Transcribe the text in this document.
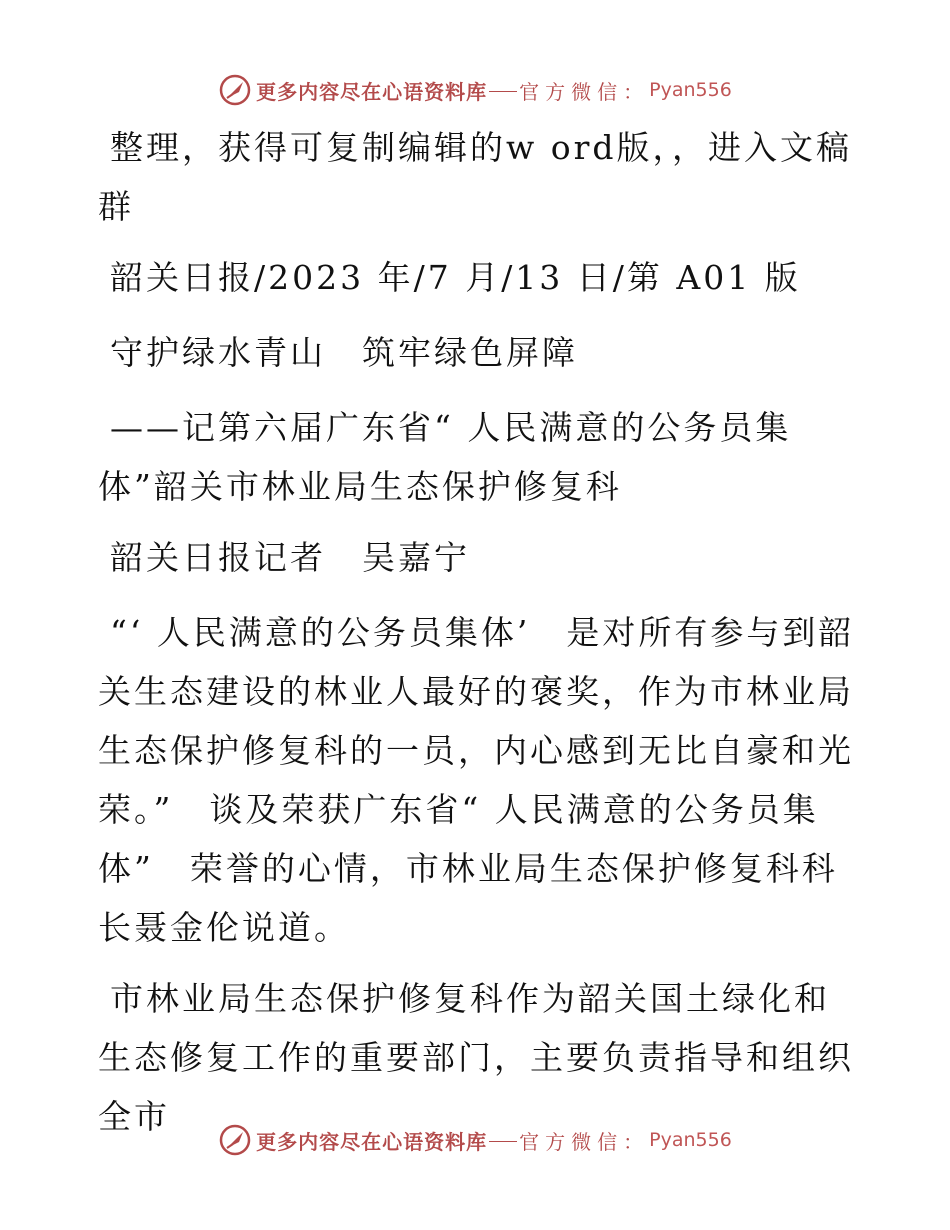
更多内容尽在心语资料库 官方微信： Pyan556

整理，获得可复制编辑的w ord版，，进入文稿群

韶关日报/2023 年/7 月/13 日/第 A01 版

守护绿水青山　筑牢绿色屏障

——记第六届广东省“ 人民满意的公务员集体”韶关市林业局生态保护修复科

韶关日报记者　吴嘉宁

“‘ 人民满意的公务员集体’　是对所有参与到韶关生态建设的林业人最好的褒奖，作为市林业局生态保护修复科的一员，内心感到无比自豪和光荣。”　谈及荣获广东省“ 人民满意的公务员集体”　荣誉的心情，市林业局生态保护修复科科长聂金伦说道。

市林业局生态保护修复科作为韶关国土绿化和生态修复工作的重要部门，主要负责指导和组织全市

更多内容尽在心语资料库 官方微信： Pyan556
